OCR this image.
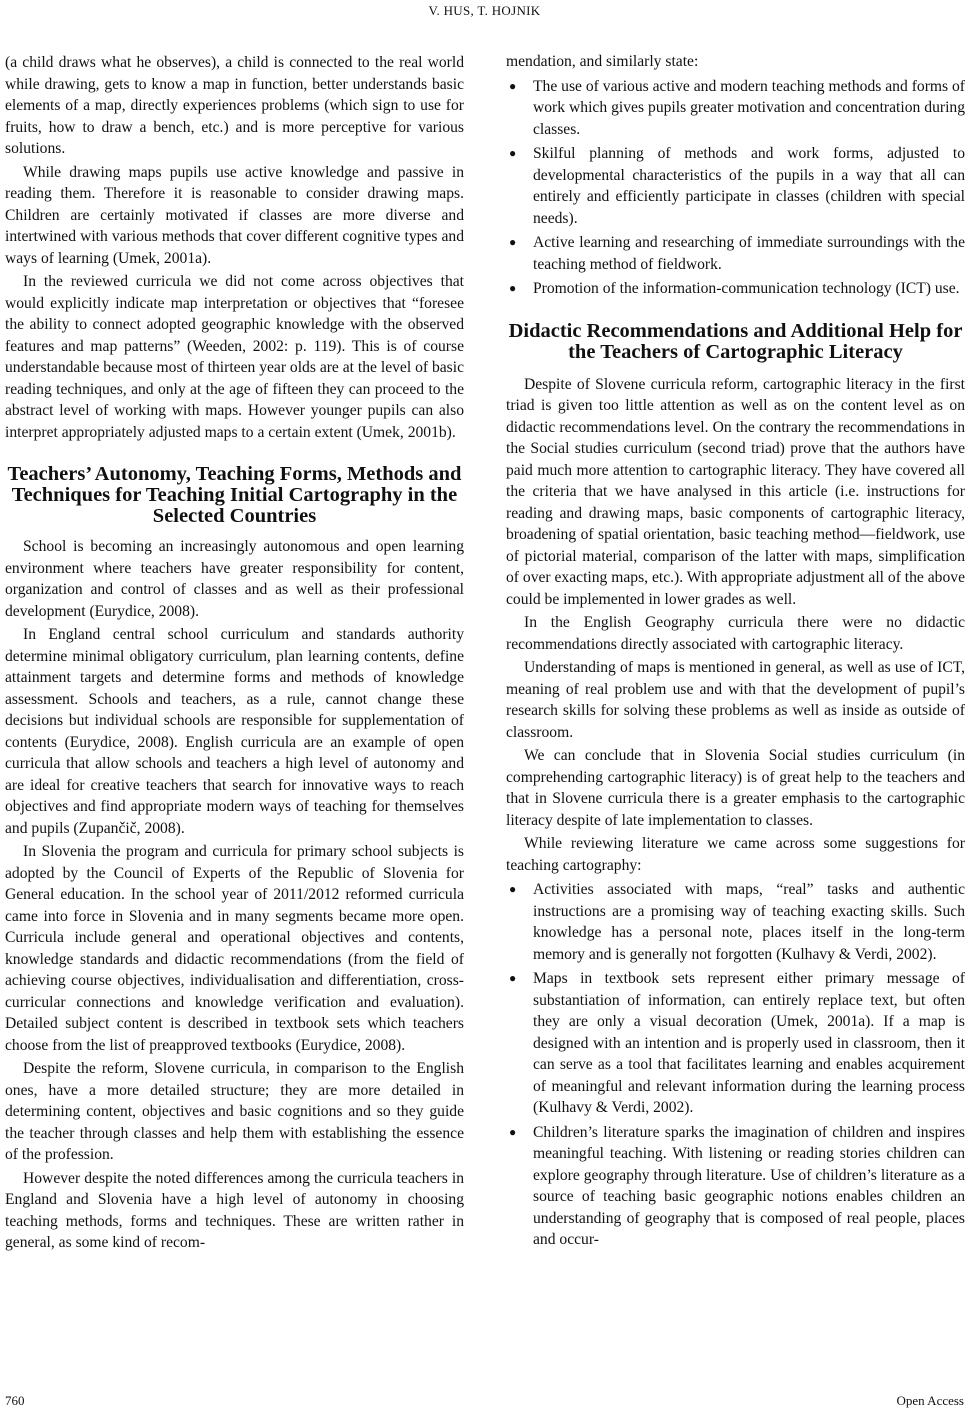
V. HUS, T. HOJNIK

(a child draws what he observes), a child is connected to the real world while drawing, gets to know a map in function, better understands basic elements of a map, directly experiences problems (which sign to use for fruits, how to draw a bench, etc.) and is more perceptive for various solutions.

While drawing maps pupils use active knowledge and passive in reading them. Therefore it is reasonable to consider drawing maps. Children are certainly motivated if classes are more diverse and intertwined with various methods that cover different cognitive types and ways of learning (Umek, 2001a).

In the reviewed curricula we did not come across objectives that would explicitly indicate map interpretation or objectives that “foresee the ability to connect adopted geographic knowledge with the observed features and map patterns” (Weeden, 2002: p. 119). This is of course understandable because most of thirteen year olds are at the level of basic reading techniques, and only at the age of fifteen they can proceed to the abstract level of working with maps. However younger pupils can also interpret appropriately adjusted maps to a certain extent (Umek, 2001b).

Teachers’ Autonomy, Teaching Forms, Methods and Techniques for Teaching Initial Cartography in the Selected Countries

School is becoming an increasingly autonomous and open learning environment where teachers have greater responsibility for content, organization and control of classes and as well as their professional development (Eurydice, 2008).

In England central school curriculum and standards authority determine minimal obligatory curriculum, plan learning contents, define attainment targets and determine forms and methods of knowledge assessment. Schools and teachers, as a rule, cannot change these decisions but individual schools are responsible for supplementation of contents (Eurydice, 2008). English curricula are an example of open curricula that allow schools and teachers a high level of autonomy and are ideal for creative teachers that search for innovative ways to reach objectives and find appropriate modern ways of teaching for themselves and pupils (Zupančič, 2008).

In Slovenia the program and curricula for primary school subjects is adopted by the Council of Experts of the Republic of Slovenia for General education. In the school year of 2011/2012 reformed curricula came into force in Slovenia and in many segments became more open. Curricula include general and operational objectives and contents, knowledge standards and didactic recommendations (from the field of achieving course objectives, individualisation and differentiation, cross-curricular connections and knowledge verification and evaluation). Detailed subject content is described in textbook sets which teachers choose from the list of preapproved textbooks (Eurydice, 2008).

Despite the reform, Slovene curricula, in comparison to the English ones, have a more detailed structure; they are more detailed in determining content, objectives and basic cognitions and so they guide the teacher through classes and help them with establishing the essence of the profession.

However despite the noted differences among the curricula teachers in England and Slovenia have a high level of autonomy in choosing teaching methods, forms and techniques. These are written rather in general, as some kind of recom-

mendation, and similarly state:

● The use of various active and modern teaching methods and forms of work which gives pupils greater motivation and concentration during classes.
● Skilful planning of methods and work forms, adjusted to developmental characteristics of the pupils in a way that all can entirely and efficiently participate in classes (children with special needs).
● Active learning and researching of immediate surroundings with the teaching method of fieldwork.
● Promotion of the information-communication technology (ICT) use.
Didactic Recommendations and Additional Help for the Teachers of Cartographic Literacy

Despite of Slovene curricula reform, cartographic literacy in the first triad is given too little attention as well as on the content level as on didactic recommendations level. On the contrary the recommendations in the Social studies curriculum (second triad) prove that the authors have paid much more attention to cartographic literacy. They have covered all the criteria that we have analysed in this article (i.e. instructions for reading and drawing maps, basic components of cartographic literacy, broadening of spatial orientation, basic teaching method—fieldwork, use of pictorial material, comparison of the latter with maps, simplification of over exacting maps, etc.). With appropriate adjustment all of the above could be implemented in lower grades as well.

In the English Geography curricula there were no didactic recommendations directly associated with cartographic literacy.

Understanding of maps is mentioned in general, as well as use of ICT, meaning of real problem use and with that the development of pupil’s research skills for solving these problems as well as inside as outside of classroom.

We can conclude that in Slovenia Social studies curriculum (in comprehending cartographic literacy) is of great help to the teachers and that in Slovene curricula there is a greater emphasis to the cartographic literacy despite of late implementation to classes.

While reviewing literature we came across some suggestions for teaching cartography:

● Activities associated with maps, “real” tasks and authentic instructions are a promising way of teaching exacting skills. Such knowledge has a personal note, places itself in the long-term memory and is generally not forgotten (Kulhavy & Verdi, 2002).
● Maps in textbook sets represent either primary message of substantiation of information, can entirely replace text, but often they are only a visual decoration (Umek, 2001a). If a map is designed with an intention and is properly used in classroom, then it can serve as a tool that facilitates learning and enables acquirement of meaningful and relevant information during the learning process (Kulhavy & Verdi, 2002).
● Children’s literature sparks the imagination of children and inspires meaningful teaching. With listening or reading stories children can explore geography through literature. Use of children’s literature as a source of teaching basic geographic notions enables children an understanding of geography that is composed of real people, places and occur-
760	Open Access
